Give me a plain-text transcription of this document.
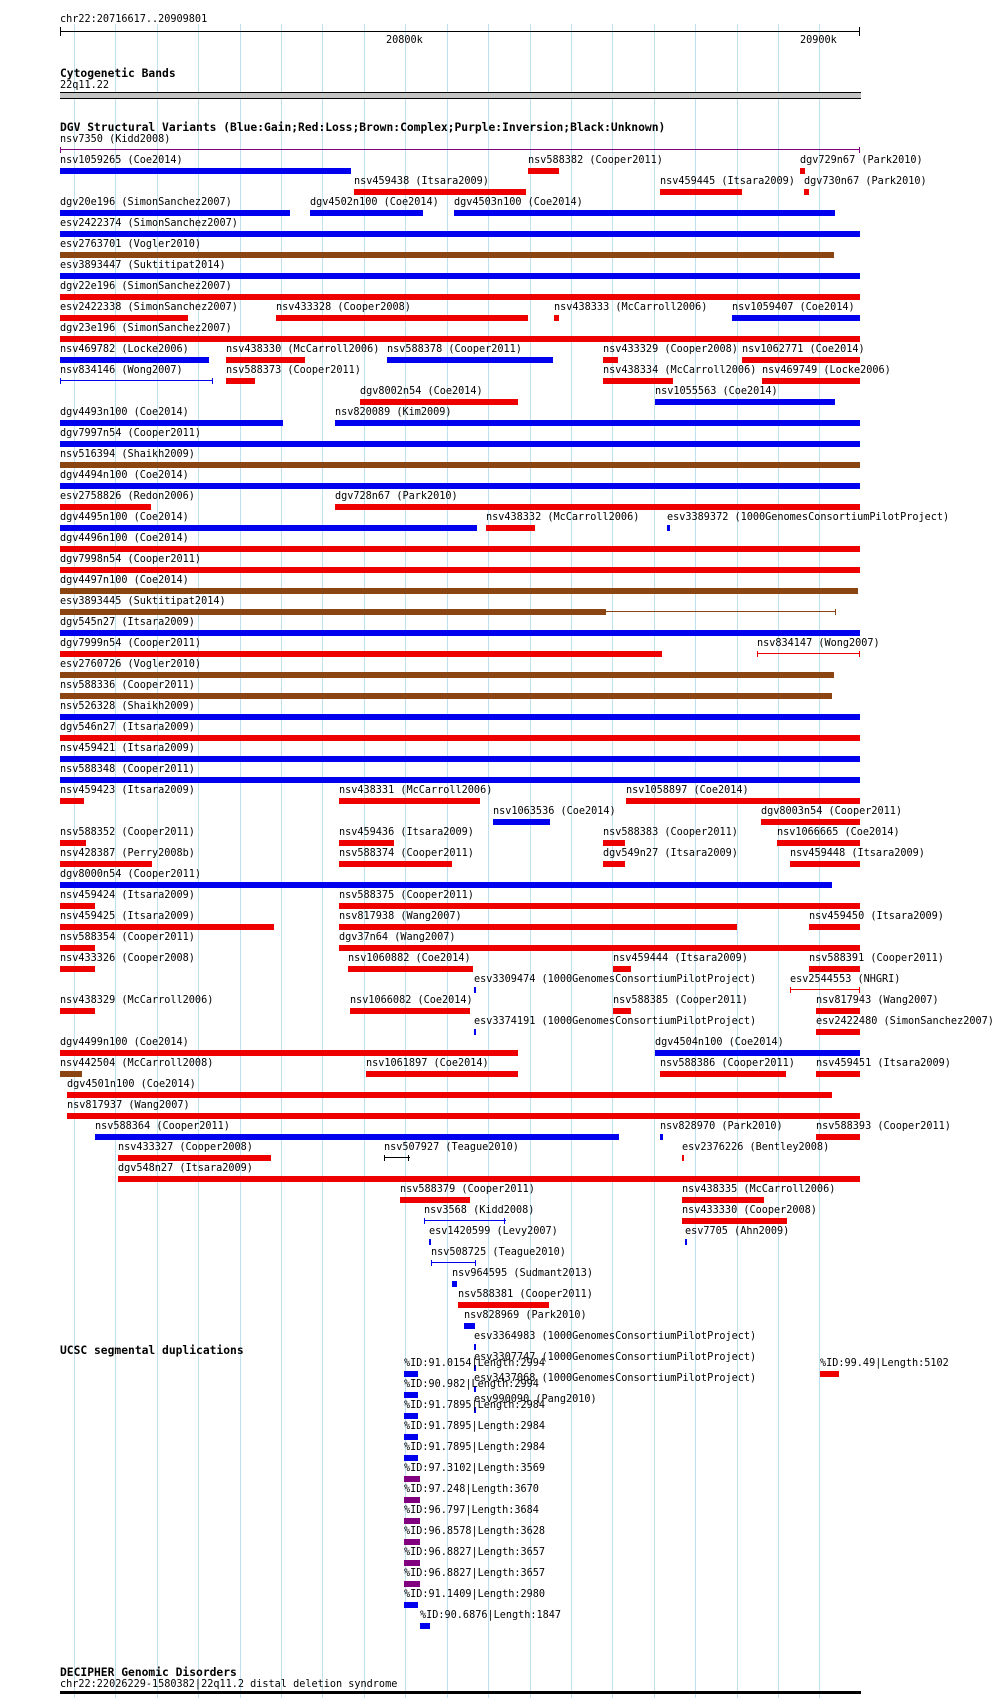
chr22:20716617..20909801
20800k	20900k
Cytogenetic Bands
22q11.22
DGV Structural Variants (Blue:Gain;Red:Loss;Brown:Complex;Purple:Inversion;Black:Unknown)
nsv7350 (Kidd2008)
nsv1059265 (Coe2014)
nsv459438 (Itsara2009)
nsv588382 (Cooper2011)
nsv459445 (Itsara2009)
dgv729n67 (Park2010)
dgv20e196 (SimonSanchez2007)	dgv4502n100 (Coe2014) dgv4503n100 (Coe2014)
esv2422374 (SimonSanchez2007)
esv2763701 (Vogler2010)
esv3893447 (Suktitipat2014)
dgv22e196 (SimonSanchez2007)
esv2422338 (SimonSanchez2007)	nsv433328 (Cooper2008)	nsv438333 (McCarroll2006) nsv1059407 (Coe2014)
dgv23e196 (SimonSanchez2007)
nsv469782 (Locke2006)	nsv438330 (McCarroll2006) nsv588378 (Cooper2011)	nsv433329 (Cooper2008) nsv1062771 (Coe2014)
nsv834146 (Wong2007)	nsv588373 (Cooper2011)
dgv8002n54 (Coe2014)
nsv438334 (McCarroll2006) nsv469749 (Locke2006)
dgv4493n100 (Coe2014)	nsv820089 (Kim2009)
dgv7997n54 (Cooper2011)
nsv516394 (Shaikh2009)
dgv4494n100 (Coe2014)
esv2758826 (Redon2006)	dgv728n67 (Park2010)
dgv4495n100 (Coe2014)	nsv438332 (McCarroll2006)
nsv1055563 (Coe2014)
dgv4496n100 (Coe2014)
dgv7998n54 (Cooper2011)
dgv4497n100 (Coe2014)
esv3893445 (Suktitipat2014)
dgv545n27 (Itsara2009)
dgv7999n54 (Cooper2011)
esv3389372 (1000GenomesConsortiumPilotProject)
esv2760726 (Vogler2010)
nsv588336 (Cooper2011)
nsv526328 (Shaikh2009)
dgv546n27 (Itsara2009)
nsv459421 (Itsara2009)
nsv588348 (Cooper2011)
nsv459423 (Itsara2009)	nsv438331 (McCarroll2006)
nsv1063536 (Coe2014)
nsv1058897 (Coe2014)
nsv588352 (Cooper2011)	nsv459436 (Itsara2009)	nsv588383 (Cooper2011)
nsv834147 (Wong2007)
nsv428387 (Perry2008b)	nsv588374 (Cooper2011)	dgv549n27 (Itsara2009)
dgv8003n54 (Cooper2011)
dgv8000n54 (Cooper2011)
nsv459424 (Itsara2009)	nsv588375 (Cooper2011)
nsv459425 (Itsara2009)	nsv817938 (Wang2007)
nsv1066665 (Coe2014)
nsv588354 (Cooper2011)	dgv37n64 (Wang2007)
nsv433326 (Cooper2008)	nsv1060882 (Coe2014)
esv3309474 (1000GenomesConsortiumPilotProject)
nsv459448 (Itsara2009)
nsv438329 (McCarroll2006)	nsv1066082 (Coe2014)
esv3374191 (1000GenomesConsortiumPilotProject)
dgv730n67 (Park2010)
dgv4499n100 (Coe2014)
nsv459444 (Itsara2009)
nsv459450 (Itsara2009)
nsv442504 (McCarroll2008)	nsv1061897 (Coe2014)
nsv588385 (Cooper2011)
nsv588391 (Cooper2011)
dgv4501n100 (Coe2014)
nsv817937 (Wang2007)
nsv588364 (Cooper2011)
dgv4504n100 (Coe2014)
nsv433327 (Cooper2008)	nsv507927 (Teague2010)
nsv588386 (Cooper2011)
esv2544553 (NHGRI)
dgv548n27 (Itsara2009)
nsv588379 (Cooper2011)
nsv828970 (Park2010)
nsv817943 (Wang2007)
nsv3568 (Kidd2008)
esv2376226 (Bentley2008)
esv2422480 (SimonSanchez2007)
esv1420599 (Levy2007)
nsv438335 (McCarroll2006)
nsv459451 (Itsara2009)
nsv508725 (Teague2010)
nsv433330 (Cooper2008)
nsv588393 (Cooper2011)
nsv964595 (Sudmant2013)
esv7705 (Ahn2009)
nsv588381 (Cooper2011)
nsv828969 (Park2010)
esv3364983 (1000GenomesConsortiumPilotProject)
esv3307747 (1000GenomesConsortiumPilotProject)
esv3437068 (1000GenomesConsortiumPilotProject)
esv990090 (Pang2010)
UCSC segmental duplications
%ID:91.0154|Length:2994	%ID:99.49|Length:5102
%ID:90.982|Length:2994
%ID:91.7895|Length:2984
%ID:91.7895|Length:2984
%ID:91.7895|Length:2984
%ID:97.3102|Length:3569
%ID:97.248|Length:3670
%ID:96.797|Length:3684
%ID:96.8578|Length:3628
%ID:96.8827|Length:3657
%ID:96.8827|Length:3657
%ID:91.1409|Length:2980
%ID:90.6876|Length:1847
DECIPHER Genomic Disorders
chr22:22026229-1580382|22q11.2 distal deletion syndrome
